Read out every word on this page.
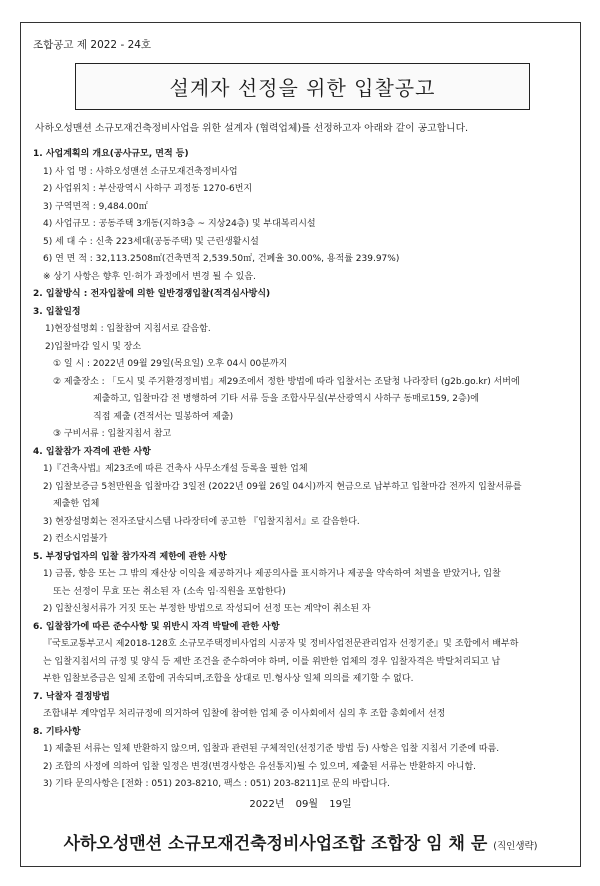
조합공고 제 2022 - 24호
설계자 선정을 위한 입찰공고
사하오성맨션 소규모재건축정비사업을 위한 설계자 (협력업체)를 선정하고자 아래와 같이 공고합니다.
1. 사업계획의 개요(공사규모, 면적 등)
1) 사 업 명 : 사하오성맨션 소규모재건축정비사업
2) 사업위치 : 부산광역시 사하구 괴정동 1270-6번지
3) 구역면적 : 9,484.00㎡
4) 사업규모 : 공동주택 3개동(지하3층 ~ 지상24층) 및 부대복리시설
5) 세 대 수 : 신축 223세대(공동주택) 및 근린생활시설
6) 연 면 적 : 32,113.2508㎡(건축면적 2,539.50㎡, 건폐율 30.00%, 용적률 239.97%)
※ 상기 사항은 향후 인·허가 과정에서 변경 될 수 있음.
2. 입찰방식 : 전자입찰에 의한 일반경쟁입찰(적격심사방식)
3. 입찰일정
1)현장설명회 : 입찰참여 지침서로 갈음함.
2)입찰마감 일시 및 장소
① 일 시 : 2022년 09월 29일(목요일) 오후 04시 00분까지
② 제출장소 : 「도시 및 주거환경정비법」제29조에서 정한 방법에 따라 입찰서는 조달청 나라장터 (g2b.go.kr) 서버에
제출하고, 입찰마감 전 병행하여 기타 서류 등을 조합사무실(부산광역시 사하구 동매로159, 2층)에
직접 제출 (견적서는 밀봉하여 제출)
③ 구비서류 : 입찰지침서 참고
4. 입찰참가 자격에 관한 사항
1)『건축사법』제23조에 따른 건축사 사무소개설 등록을 필한 업체
2) 입찰보증금 5천만원을 입찰마감 3일전 (2022년 09월 26일 04시)까지 현금으로 납부하고 입찰마감 전까지 입찰서류를
제출한 업체
3) 현장설명회는 전자조달시스템 나라장터에 공고한 『입찰지침서』로 갈음한다.
2) 컨소시엄불가
5. 부정당업자의 입찰 참가자격 제한에 관한 사항
1) 금품, 향응 또는 그 밖의 재산상 이익을 제공하거나 제공의사를 표시하거나 제공을 약속하여 처벌을 받았거나, 입찰
또는 선정이 무효 또는 취소된 자 (소속 임·직원을 포함한다)
2) 입찰신청서류가 거짓 또는 부정한 방법으로 작성되어 선정 또는 계약이 취소된 자
6. 입찰참가에 따른 준수사항 및 위반시 자격 박탈에 관한 사항
『국토교통부고시 제2018-128호 소규모주택정비사업의 시공자 및 정비사업전문관리업자 선정기준』및 조합에서 배부하
는 입찰지침서의 규정 및 양식 등 제반 조건을 준수하여야 하며, 이를 위반한 업체의 경우 입찰자격은 박탈처리되고 납
부한 입찰보증금은 일체 조합에 귀속되며,조합을 상대로 민.형사상 일체 의의를 제기할 수 없다.
7. 낙찰자 결정방법
조합내부 계약업무 처리규정에 의거하여 입찰에 참여한 업체 중 이사회에서 심의 후 조합 총회에서 선정
8. 기타사항
1) 제출된 서류는 일체 반환하지 않으며, 입찰과 관련된 구체적인(선정기준 방법 등) 사항은 입찰 지침서 기준에 따름.
2) 조합의 사정에 의하여 입찰 일정은 변경(변경사항은 유선통지)될 수 있으며, 제출된 서류는 반환하지 아니함.
3) 기타 문의사항은 [전화 : 051) 203-8210, 팩스 : 051) 203-8211]로 문의 바랍니다.
2022년 09월 19일
사하오성맨션 소규모재건축정비사업조합 조합장 임 채 문 (직인생략)
